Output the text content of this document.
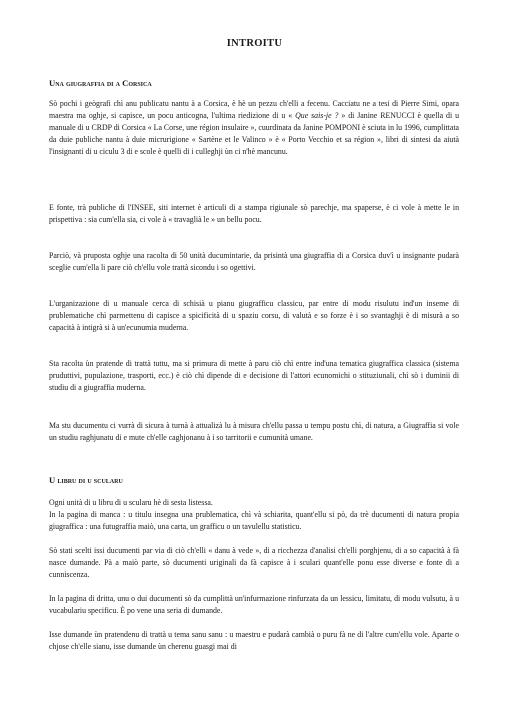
INTROITU
Una giugraffia di a Corsica

Sò pochi i geògrafi chì anu publicatu nantu à a Corsica, è hè un pezzu ch'elli a fecenu. Cacciatu ne a tesi di Pierre Simi, opara maestra ma oghje, si capisce, un pocu anticogna, l'ultima riedizione di u « Que sais-je ? » di Janine RENUCCI è quella di u manuale di u CRDP di Corsica « La Corse, une région insulaire », cuurdinata da Janine POMPONI è sciuta in lu 1996, cumplittata da duie publiche nantu à duie micrurigione « Sartène et le Valinco » è « Porto Vecchio et sa région », libri di sintesi da aiutà l'insignanti di u ciculu 3 di e scole è quelli di i culleghji ùn ci n'hè mancunu.

E fonte, trà publiche di l'INSEE, siti internet è articuli di a stampa rigiunale sò parechje, ma spaperse, è ci vole à mette le in prispettiva : sia cum'ella sia, ci vole à « travaglià le » un bellu pocu.

Parciò, và pruposta oghje una racolta di 50 unità ducumintarie, da prisintà una giugraffia di a Corsica duv'ì u insignante pudarà sceglie cum'ella li pare ciò ch'ellu vole trattà sicondu i so ogettivi.

L'urganizazione di u manuale cerca di schisià u pianu giugrafficu classicu, par entre di modu risulutu ind'un inseme di prublematiche chì parmettenu di capisce a spicificità di u spaziu corsu, di valutà e so forze è i so svantaghji è di misurà a so capacità à intigrà si à un'ecunumia muderna.

Sta racolta ùn pratende di trattà tuttu, ma si primura di mette à paru ciò chì entre ind'una tematica giugraffica classica (sistema pruduttivi, pupulazione, trasporti, ecc.) è ciò chì dipende di e decisione di l'attori ecunomichi o stituziunali, chì sò i duminii di studiu di a giugraffia muderna.

Ma stu ducumentu ci vurrà di sicura à turnà à attualizà lu à misura ch'ellu passa u tempu postu chì, di natura, a Giugraffia si vole un studiu raghjunatu di e mute ch'elle caghjonanu à i so tarritorii e cumunità umane.

U libru di u scularu

Ogni unità di u libru di u scularu hè di sesta listessa.

In la pagina di manca : u titulu insegna una prublematica, chì và schiarita, quant'ellu si pò, da trè ducumenti di natura propia giugraffica : una futugraffia maiò, una carta, un grafficu o un tavulellu statisticu.

Sò stati scelti issi ducumenti par via di ciò ch'elli « danu à vede », di a ricchezza d'analisi ch'elli porghjenu, di a so capacità à fà nasce dumande. Pà a maiò parte, sò ducumenti uriginali da fà capisce à i sculari quant'elle ponu esse diverse e fonte di a cunniscenza.

In la pagina di dritta, unu o dui ducumenti sò da cumplittà un'infurmazione rinfurzata da un lessicu, limitatu, di modu vulsutu, à u vucabulariu specificu. È po vene una seria di dumande.

Isse dumande ùn pratendenu di trattà u tema sanu sanu : u maestru e pudarà cambià o puru fà ne di l'altre cum'ellu vole. Aparte o chjose ch'elle sianu, isse dumande ùn cherenu guasgi mai di
